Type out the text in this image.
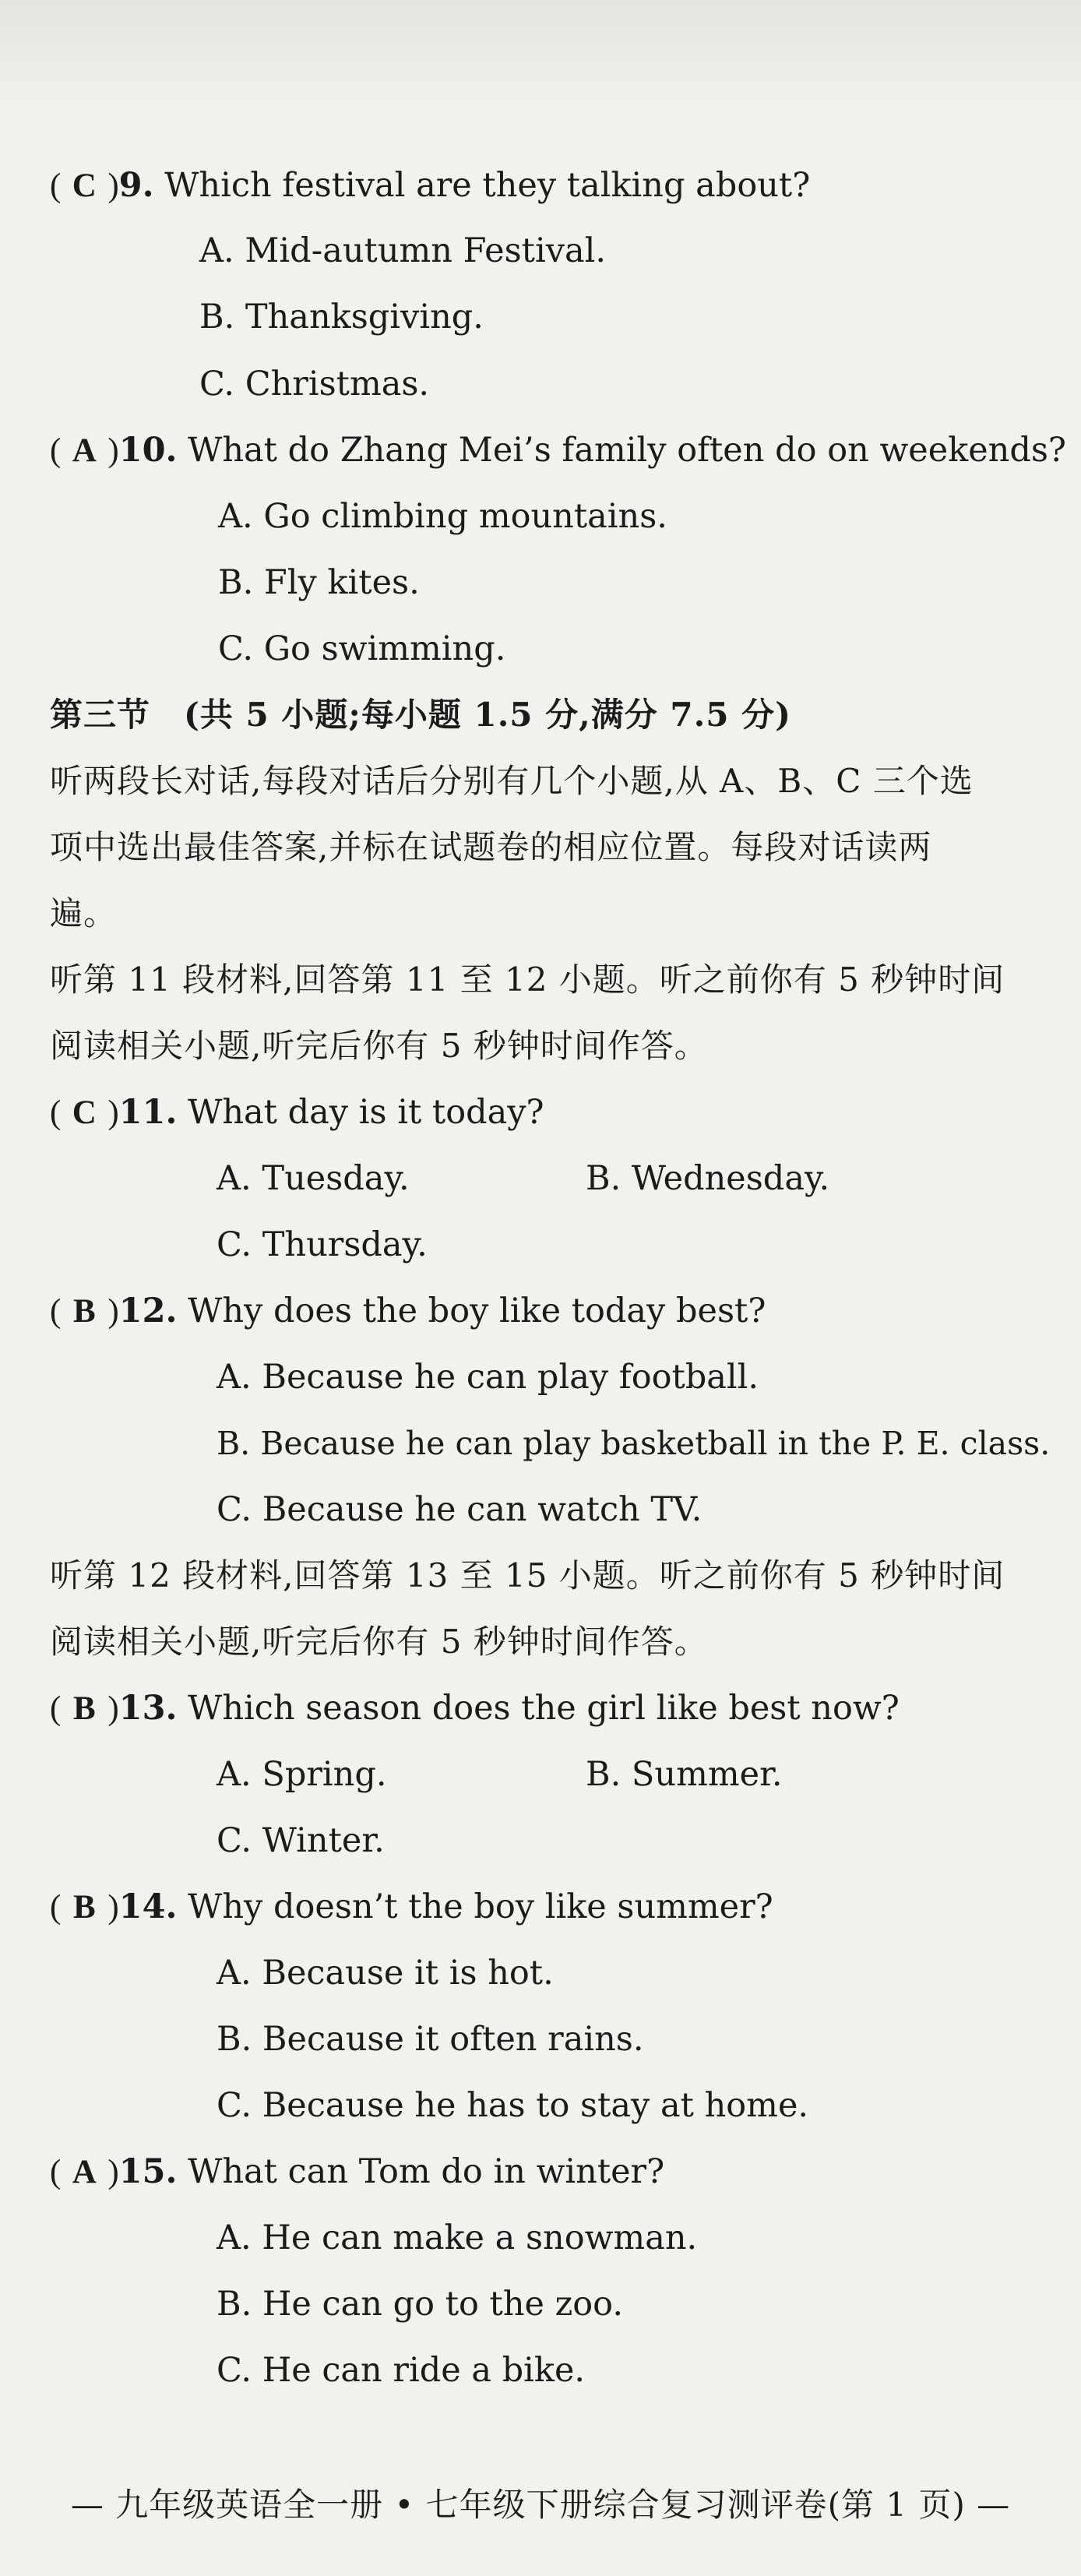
( C )9. Which festival are they talking about?
A. Mid-autumn Festival.
B. Thanksgiving.
C. Christmas.
( A )10. What do Zhang Mei’s family often do on weekends?
A. Go climbing mountains.
B. Fly kites.
C. Go swimming.
第三节　(共 5 小题;每小题 1.5 分,满分 7.5 分)
听两段长对话,每段对话后分别有几个小题,从 A、B、C 三个选
项中选出最佳答案,并标在试题卷的相应位置。每段对话读两
遍。
听第 11 段材料,回答第 11 至 12 小题。听之前你有 5 秒钟时间
阅读相关小题,听完后你有 5 秒钟时间作答。
( C )11. What day is it today?
A. Tuesday.	B. Wednesday.
C. Thursday.
( B )12. Why does the boy like today best?
A. Because he can play football.
B. Because he can play basketball in the P. E. class.
C. Because he can watch TV.
听第 12 段材料,回答第 13 至 15 小题。听之前你有 5 秒钟时间
阅读相关小题,听完后你有 5 秒钟时间作答。
( B )13. Which season does the girl like best now?
A. Spring.	B. Summer.
C. Winter.
( B )14. Why doesn’t the boy like summer?
A. Because it is hot.
B. Because it often rains.
C. Because he has to stay at home.
( A )15. What can Tom do in winter?
A. He can make a snowman.
B. He can go to the zoo.
C. He can ride a bike.
— 九年级英语全一册 • 七年级下册综合复习测评卷(第 1 页) —
